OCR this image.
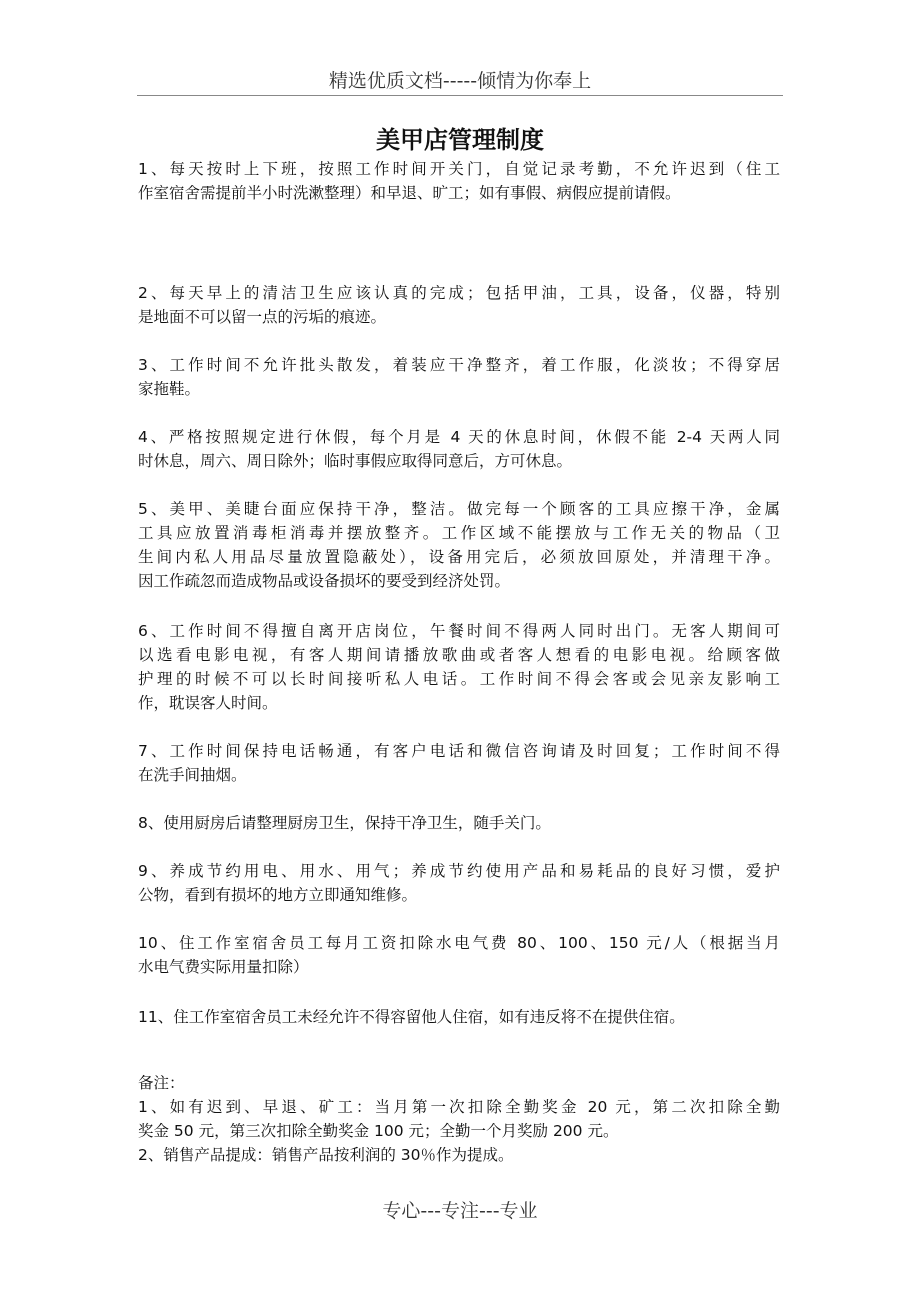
精选优质文档-----倾情为你奉上
美甲店管理制度
1、每天按时上下班，按照工作时间开关门，自觉记录考勤，不允许迟到（住工
作室宿舍需提前半小时洗漱整理）和早退、旷工；如有事假、病假应提前请假。
2、每天早上的清洁卫生应该认真的完成；包括甲油，工具，设备，仪器，特别
是地面不可以留一点的污垢的痕迹。
3、工作时间不允许批头散发，着装应干净整齐，着工作服，化淡妆；不得穿居
家拖鞋。
4、严格按照规定进行休假，每个月是 4 天的休息时间，休假不能 2-4 天两人同
时休息，周六、周日除外；临时事假应取得同意后，方可休息。
5、美甲、美睫台面应保持干净，整洁。做完每一个顾客的工具应擦干净，金属
工具应放置消毒柜消毒并摆放整齐。工作区域不能摆放与工作无关的物品（卫
生间内私人用品尽量放置隐蔽处），设备用完后，必须放回原处，并清理干净。
因工作疏忽而造成物品或设备损坏的要受到经济处罚。
6、工作时间不得擅自离开店岗位，午餐时间不得两人同时出门。无客人期间可
以选看电影电视，有客人期间请播放歌曲或者客人想看的电影电视。给顾客做
护理的时候不可以长时间接听私人电话。工作时间不得会客或会见亲友影响工
作，耽误客人时间。
7、工作时间保持电话畅通，有客户电话和微信咨询请及时回复；工作时间不得
在洗手间抽烟。
8、使用厨房后请整理厨房卫生，保持干净卫生，随手关门。
9、养成节约用电、用水、用气；养成节约使用产品和易耗品的良好习惯，爱护
公物，看到有损坏的地方立即通知维修。
10、住工作室宿舍员工每月工资扣除水电气费 80、100、150 元/人（根据当月
水电气费实际用量扣除）
11、住工作室宿舍员工未经允许不得容留他人住宿，如有违反将不在提供住宿。
备注：
1、如有迟到、早退、矿工：当月第一次扣除全勤奖金 20 元，第二次扣除全勤
奖金 50 元，第三次扣除全勤奖金 100 元；全勤一个月奖励 200 元。
2、销售产品提成：销售产品按利润的 30％作为提成。
专心---专注---专业
